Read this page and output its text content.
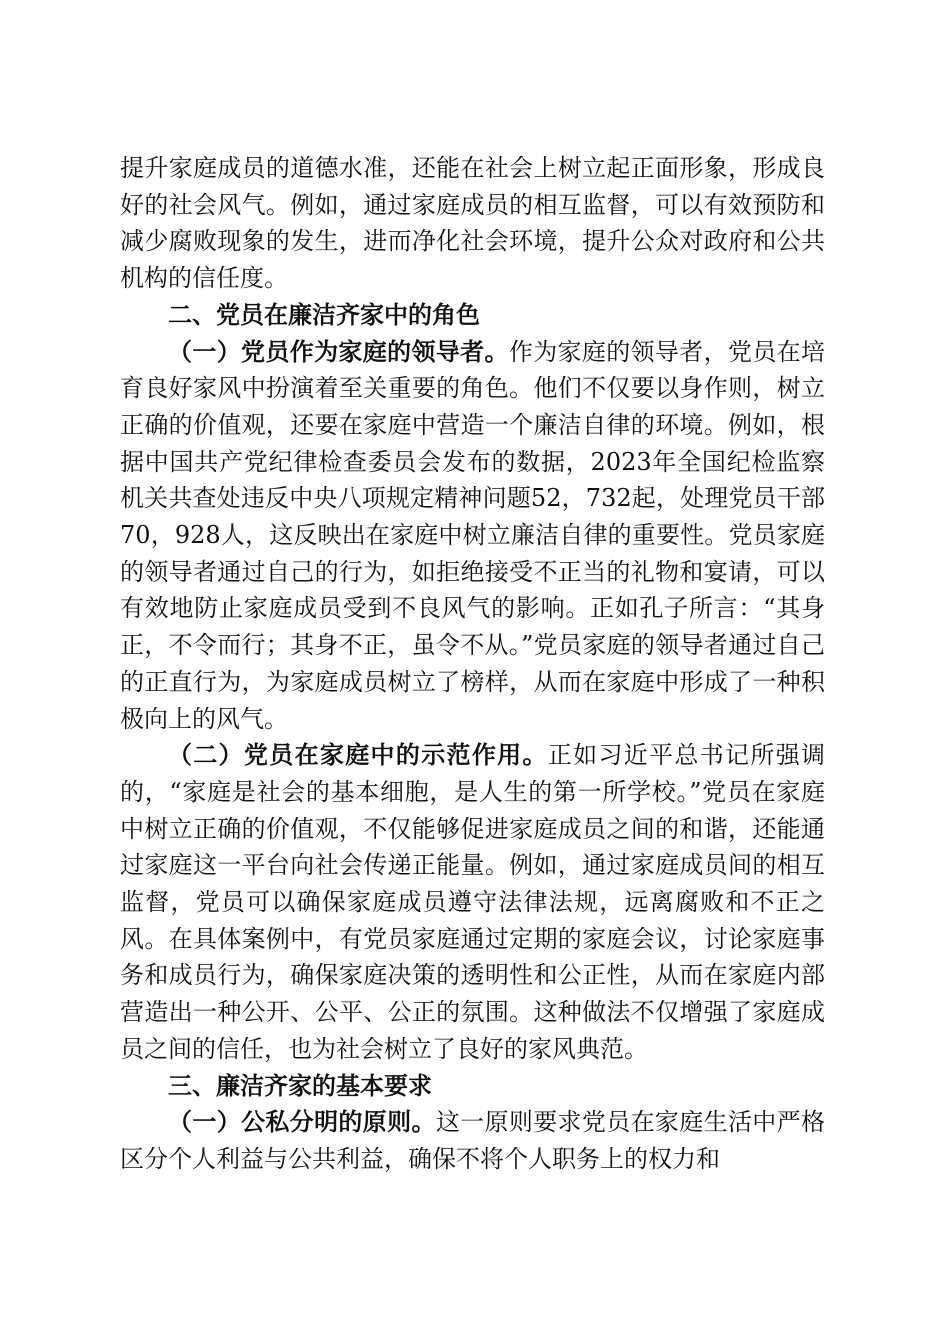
提升家庭成员的道德水准，还能在社会上树立起正面形象，形成良好的社会风气。例如，通过家庭成员的相互监督，可以有效预防和减少腐败现象的发生，进而净化社会环境，提升公众对政府和公共机构的信任度。

二、党员在廉洁齐家中的角色

（一）党员作为家庭的领导者。作为家庭的领导者，党员在培育良好家风中扮演着至关重要的角色。他们不仅要以身作则，树立正确的价值观，还要在家庭中营造一个廉洁自律的环境。例如，根据中国共产党纪律检查委员会发布的数据，2023年全国纪检监察机关共查处违反中央八项规定精神问题52，732起，处理党员干部70，928人，这反映出在家庭中树立廉洁自律的重要性。党员家庭的领导者通过自己的行为，如拒绝接受不正当的礼物和宴请，可以有效地防止家庭成员受到不良风气的影响。正如孔子所言：“其身正，不令而行；其身不正，虽令不从。”党员家庭的领导者通过自己的正直行为，为家庭成员树立了榜样，从而在家庭中形成了一种积极向上的风气。

（二）党员在家庭中的示范作用。正如习近平总书记所强调的，“家庭是社会的基本细胞，是人生的第一所学校。”党员在家庭中树立正确的价值观，不仅能够促进家庭成员之间的和谐，还能通过家庭这一平台向社会传递正能量。例如，通过家庭成员间的相互监督，党员可以确保家庭成员遵守法律法规，远离腐败和不正之风。在具体案例中，有党员家庭通过定期的家庭会议，讨论家庭事务和成员行为，确保家庭决策的透明性和公正性，从而在家庭内部营造出一种公开、公平、公正的氛围。这种做法不仅增强了家庭成员之间的信任，也为社会树立了良好的家风典范。

三、廉洁齐家的基本要求

（一）公私分明的原则。这一原则要求党员在家庭生活中严格区分个人利益与公共利益，确保不将个人职务上的权力和
